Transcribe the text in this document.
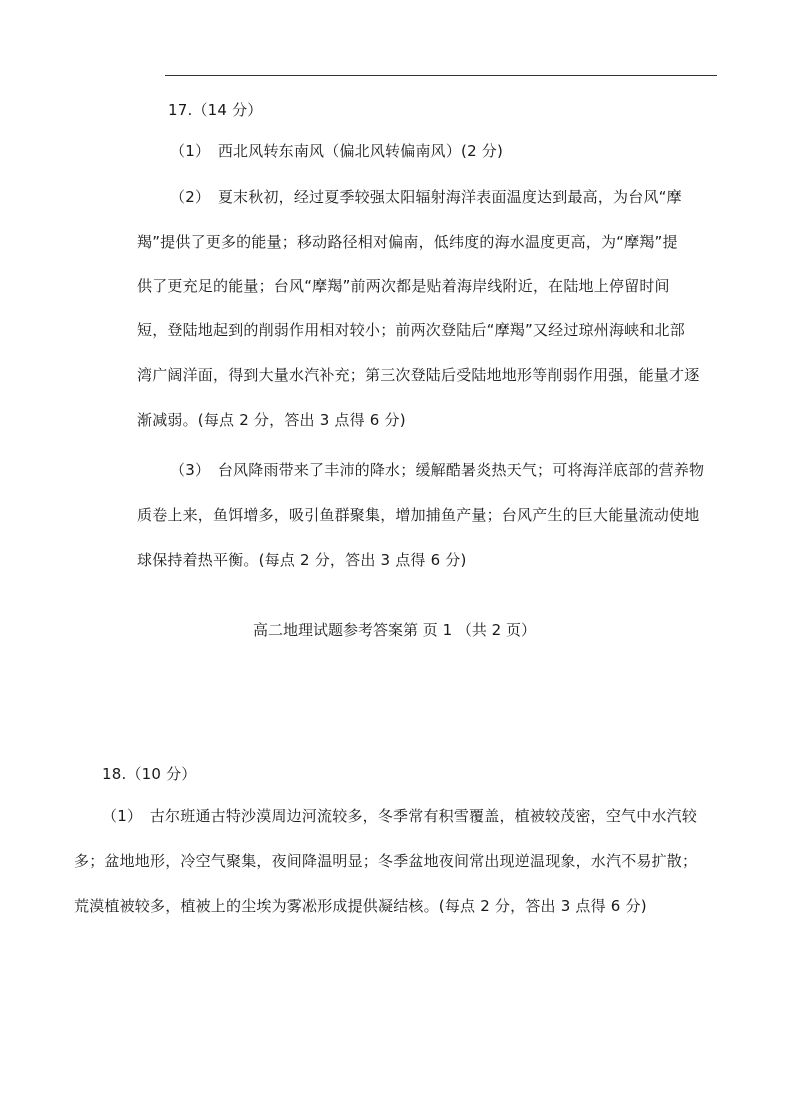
17.（14 分）
（1）　西北风转东南风（偏北风转偏南风）(2 分)
（2）　夏末秋初，经过夏季较强太阳辐射海洋表面温度达到最高，为台风“摩
羯”提供了更多的能量；移动路径相对偏南，低纬度的海水温度更高，为“摩羯”提
供了更充足的能量；台风“摩羯”前两次都是贴着海岸线附近，在陆地上停留时间
短，登陆地起到的削弱作用相对较小；前两次登陆后“摩羯”又经过琼州海峡和北部
湾广阔洋面，得到大量水汽补充；第三次登陆后受陆地地形等削弱作用强，能量才逐
渐减弱。(每点 2 分，答出 3 点得 6 分)
（3）　台风降雨带来了丰沛的降水；缓解酷暑炎热天气；可将海洋底部的营养物
质卷上来，鱼饵增多，吸引鱼群聚集，增加捕鱼产量；台风产生的巨大能量流动使地
球保持着热平衡。(每点 2 分，答出 3 点得 6 分)
高二地理试题参考答案第 页 1 （共 2 页）
18.（10 分）
（1）　古尔班通古特沙漠周边河流较多，冬季常有积雪覆盖，植被较茂密，空气中水汽较
多；盆地地形，冷空气聚集，夜间降温明显；冬季盆地夜间常出现逆温现象，水汽不易扩散；
荒漠植被较多，植被上的尘埃为雾凇形成提供凝结核。(每点 2 分，答出 3 点得 6 分)
